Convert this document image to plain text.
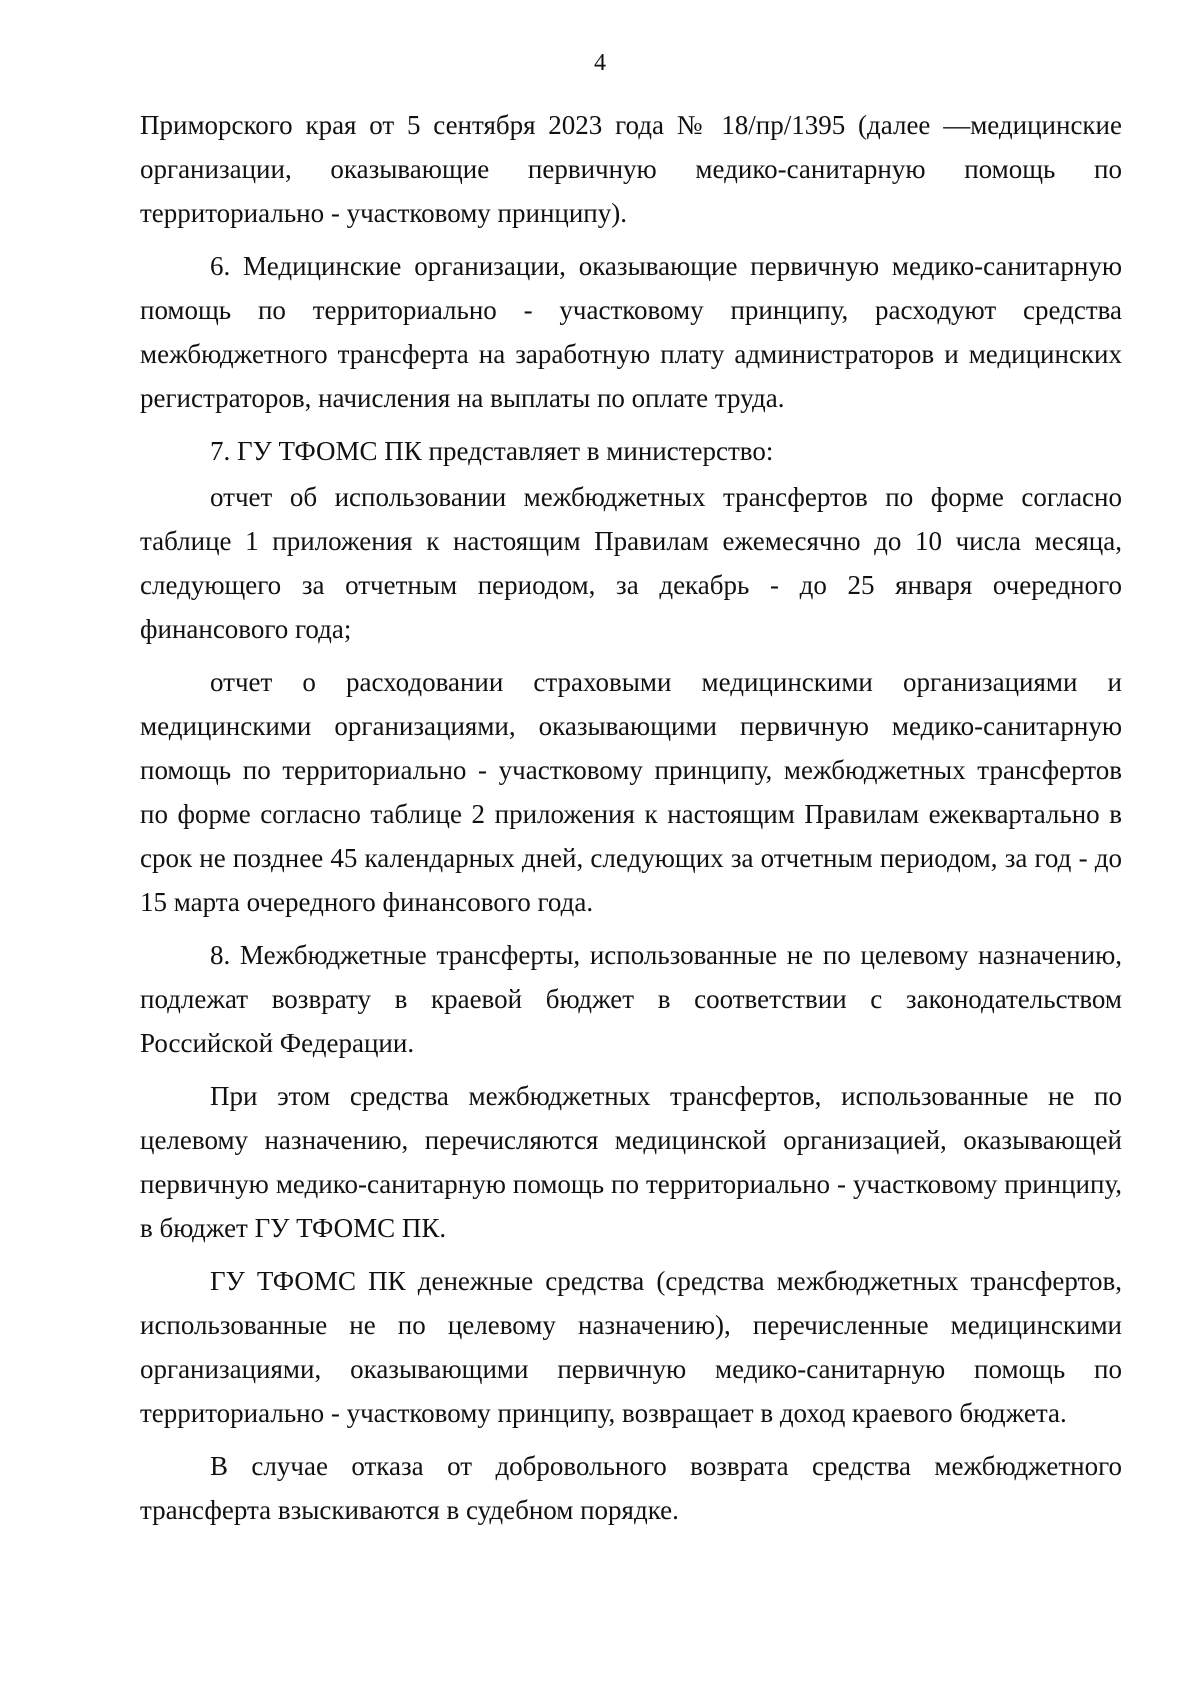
4

Приморского края от 5 сентября 2023 года № 18/пр/1395 (далее —медицинские организации, оказывающие первичную медико-санитарную помощь по территориально - участковому принципу).

6. Медицинские организации, оказывающие первичную медико-санитарную помощь по территориально - участковому принципу, расходуют средства межбюджетного трансферта на заработную плату администраторов и медицинских регистраторов, начисления на выплаты по оплате труда.

7. ГУ ТФОМС ПК представляет в министерство:

отчет об использовании межбюджетных трансфертов по форме согласно таблице 1 приложения к настоящим Правилам ежемесячно до 10 числа месяца, следующего за отчетным периодом, за декабрь - до 25 января очередного финансового года;

отчет о расходовании страховыми медицинскими организациями и медицинскими организациями, оказывающими первичную медико-санитарную помощь по территориально - участковому принципу, межбюджетных трансфертов по форме согласно таблице 2 приложения к настоящим Правилам ежеквартально в срок не позднее 45 календарных дней, следующих за отчетным периодом, за год - до 15 марта очередного финансового года.

8. Межбюджетные трансферты, использованные не по целевому назначению, подлежат возврату в краевой бюджет в соответствии с законодательством Российской Федерации.

При этом средства межбюджетных трансфертов, использованные не по целевому назначению, перечисляются медицинской организацией, оказывающей первичную медико-санитарную помощь по территориально - участковому принципу, в бюджет ГУ ТФОМС ПК.

ГУ ТФОМС ПК денежные средства (средства межбюджетных трансфертов, использованные не по целевому назначению), перечисленные медицинскими организациями, оказывающими первичную медико-санитарную помощь по территориально - участковому принципу, возвращает в доход краевого бюджета.

В случае отказа от добровольного возврата средства межбюджетного трансферта взыскиваются в судебном порядке.
